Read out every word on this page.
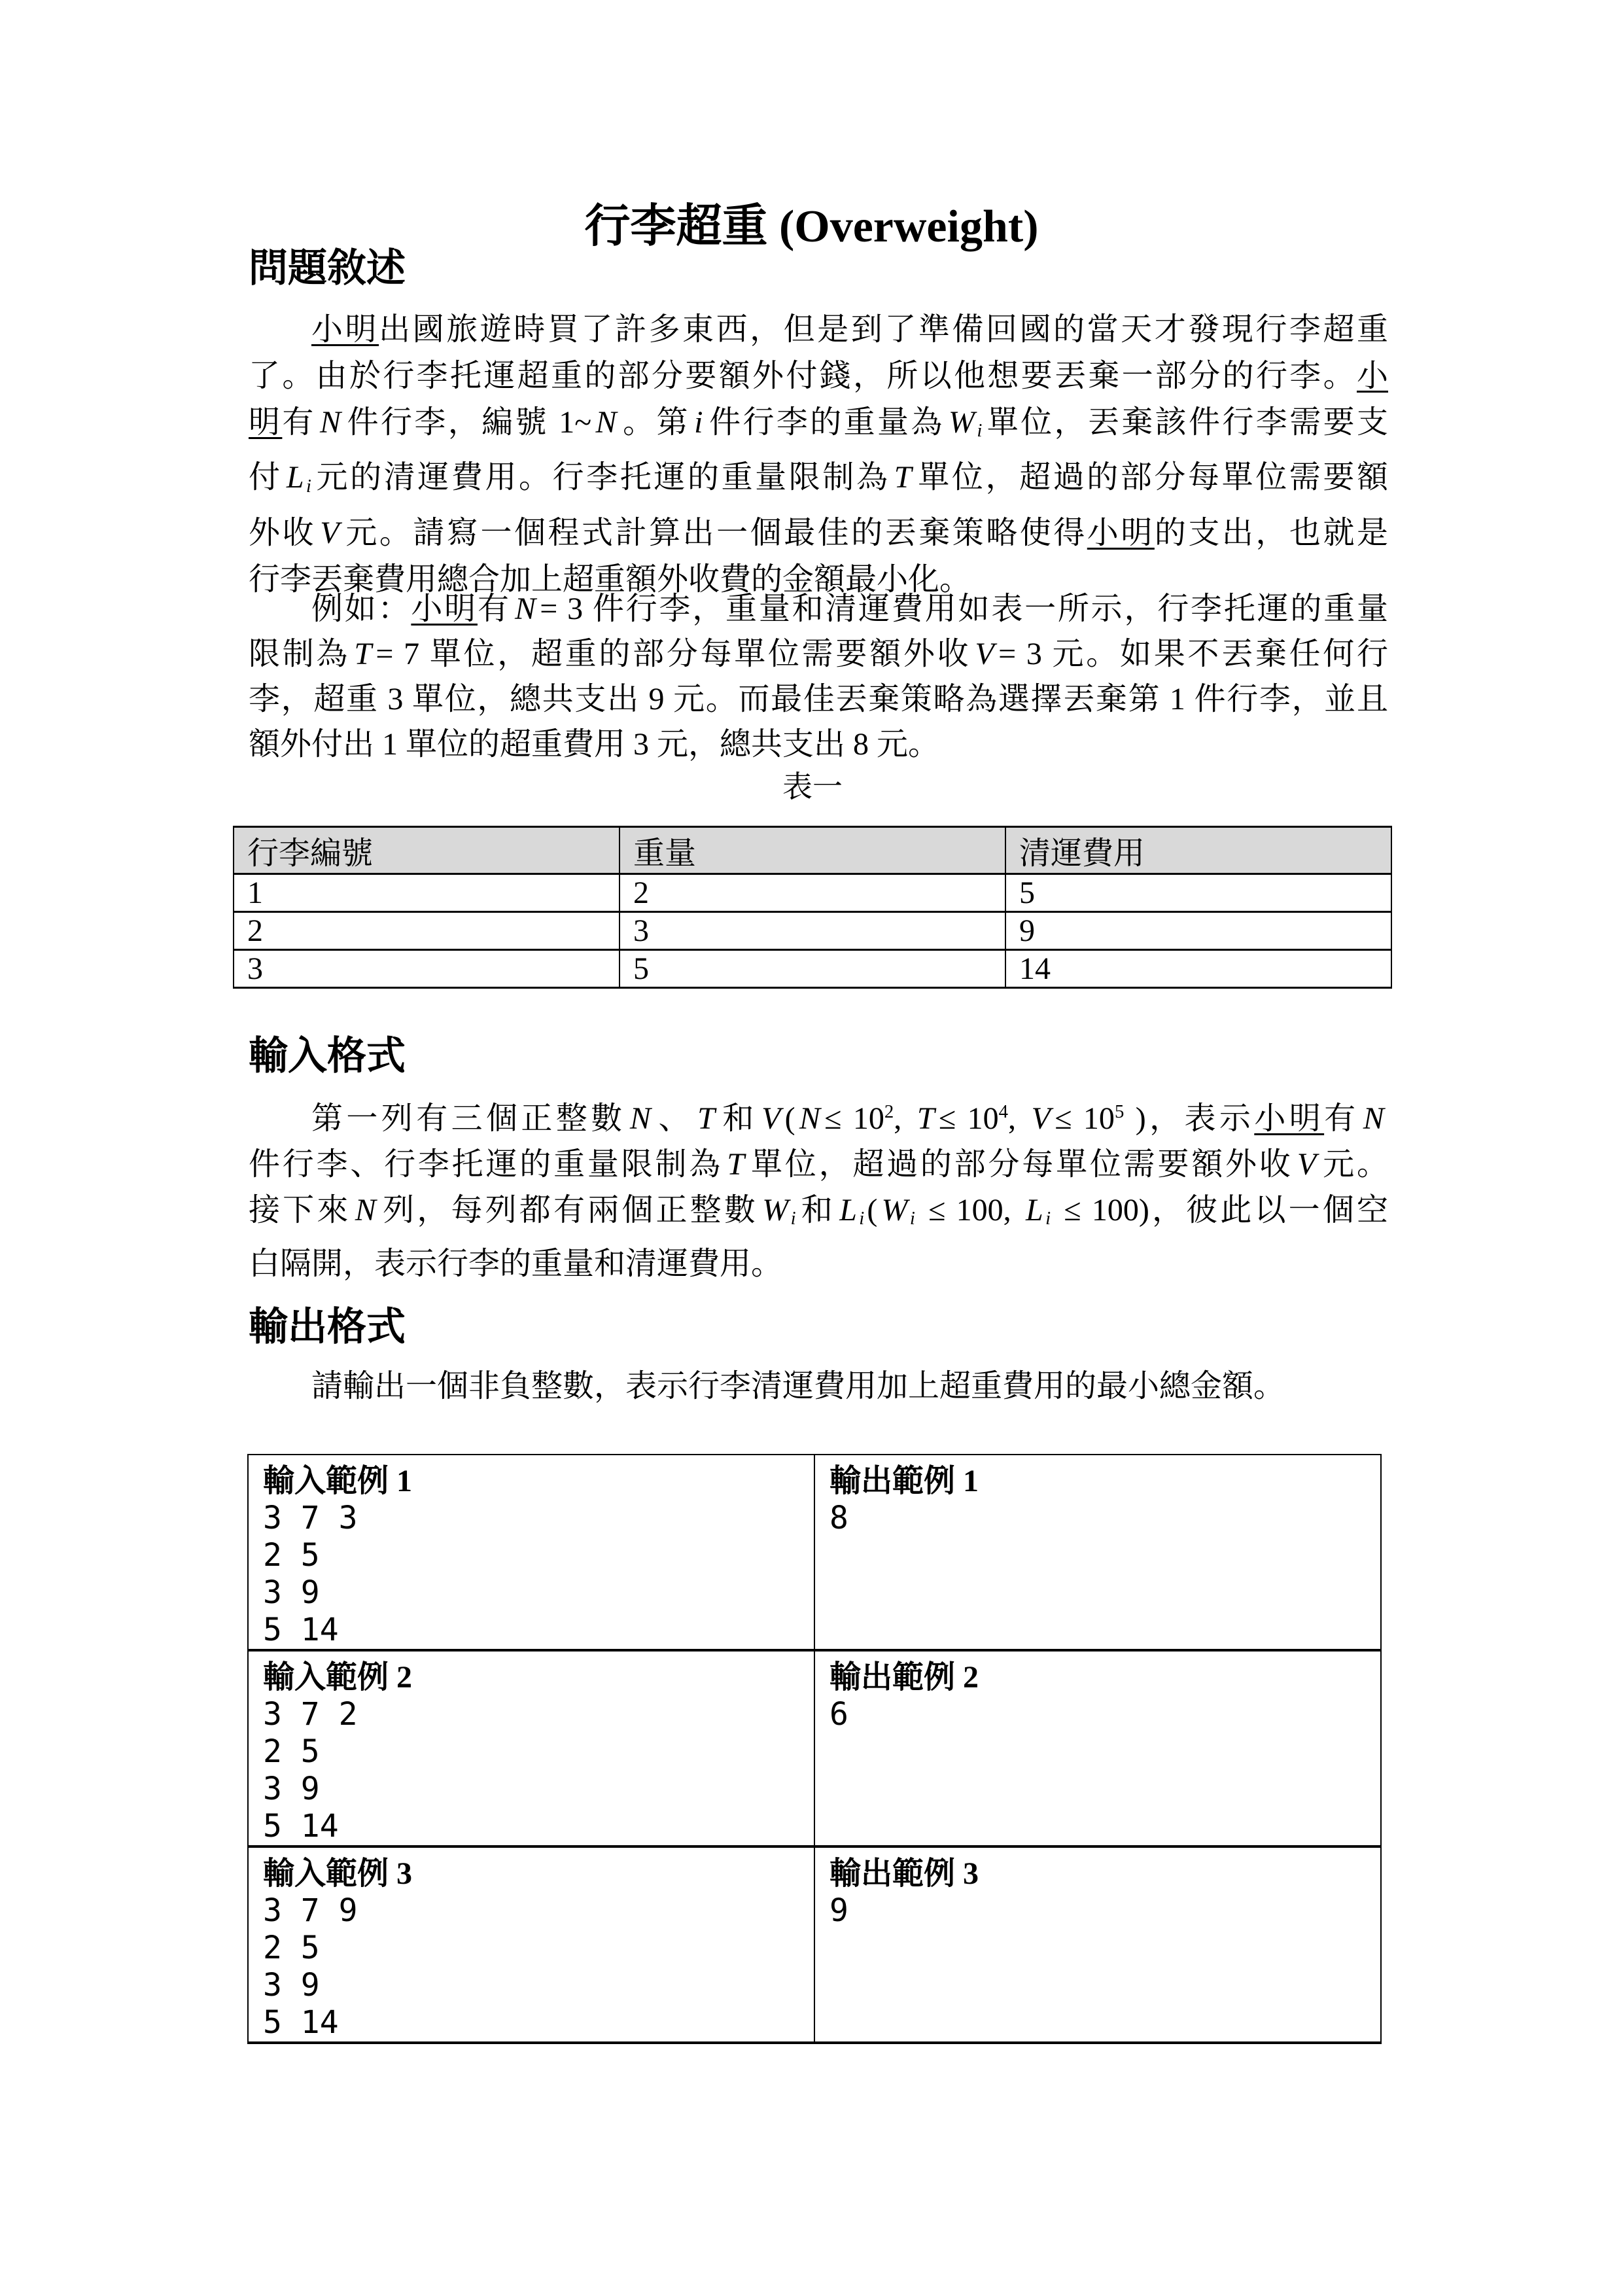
行李超重 (Overweight)
問題敘述
小明出國旅遊時買了許多東西，但是到了準備回國的當天才發現行李超重
了。由於行李托運超重的部分要額外付錢，所以他想要丟棄一部分的行李。小
明有 N 件行李，編號 1~ N 。第 i 件行李的重量為 W $_i$單位，丟棄該件行李需要支
付 L $_i$元的清運費用。行李托運的重量限制為 T 單位，超過的部分每單位需要額
外收 V 元。請寫一個程式計算出一個最佳的丟棄策略使得小明的支出，也就是
行李丟棄費用總合加上超重額外收費的金額最小化。
例如：小明有 N = 3 件行李，重量和清運費用如表一所示，行李托運的重量
限制為 T = 7 單位，超重的部分每單位需要額外收 V = 3 元。如果不丟棄任何行
李，超重 3 單位，總共支出 9 元。而最佳丟棄策略為選擇丟棄第 1 件行李，並且
額外付出 1 單位的超重費用 3 元，總共支出 8 元。
表一
行李編號	重量	清運費用
1	2	5
2	3	9
3	5	14
輸入格式
第一列有三個正整數 N 、 T 和 V ( $N \le 10^2$, $T \le 10^4$, $V \le 10^5$ )，表示小明有 N
件行李、行李托運的重量限制為 T 單位，超過的部分每單位需要額外收 V 元。
接下來 N 列，每列都有兩個正整數 W $_i$和 L $_i$( W $_i$ ≤ 100, L $_i$ ≤ 100)，彼此以一個空
白隔開，表示行李的重量和清運費用。
輸出格式
請輸出一個非負整數，表示行李清運費用加上超重費用的最小總金額。
輸入範例 1
3 7 3
2 5
3 9
5 14

輸出範例 1
8

輸入範例 2
3 7 2
2 5
3 9
5 14

輸出範例 2
6

輸入範例 3
3 7 9
2 5
3 9
5 14

輸出範例 3
9
